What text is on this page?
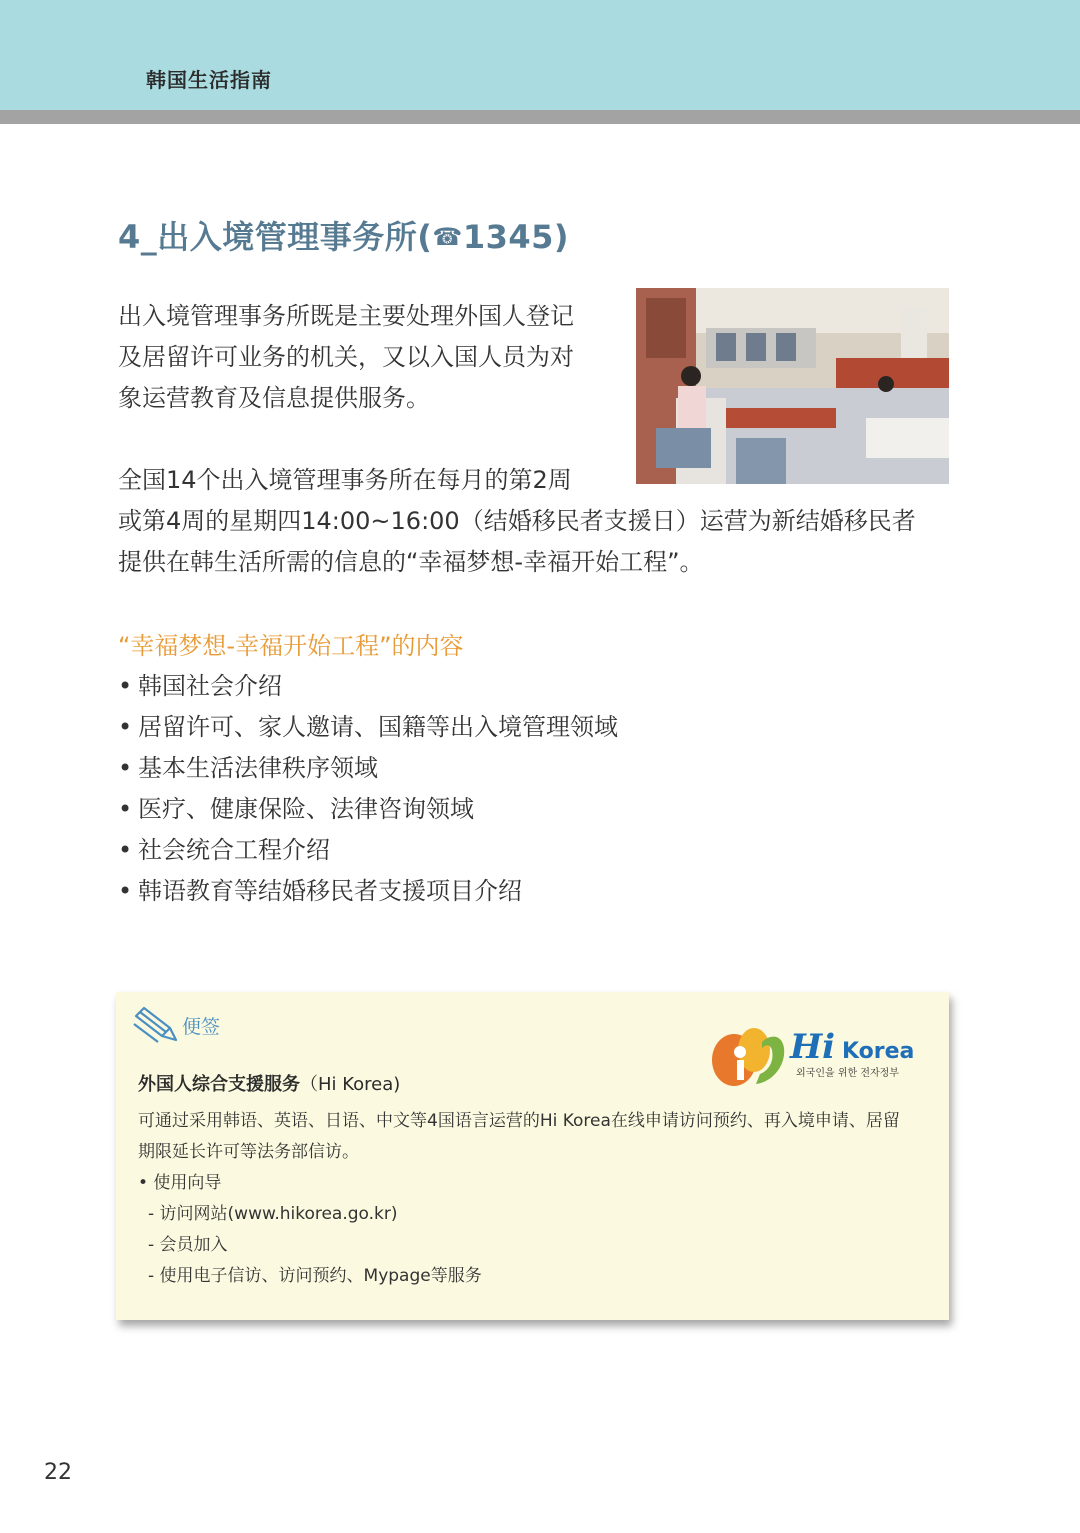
韩国生活指南
4_出入境管理事务所(☎1345)
出入境管理事务所既是主要处理外国人登记
及居留许可业务的机关，又以入国人员为对
象运营教育及信息提供服务。
全国14个出入境管理事务所在每月的第2周
或第4周的星期四14:00~16:00（结婚移民者支援日）运营为新结婚移民者
提供在韩生活所需的信息的“幸福梦想-幸福开始工程”。
“幸福梦想-幸福开始工程”的内容
• 韩国社会介绍
• 居留许可、家人邀请、国籍等出入境管理领域
• 基本生活法律秩序领域
• 医疗、健康保险、法律咨询领域
• 社会统合工程介绍
• 韩语教育等结婚移民者支援项目介绍
便签	Hi Korea
외국인을 위한 전자정부
外国人综合支援服务（Hi Korea)
可通过采用韩语、英语、日语、中文等4国语言运营的Hi Korea在线申请访问预约、再入境申请、居留
期限延长许可等法务部信访。
• 使用向导
- 访问网站(www.hikorea.go.kr)
- 会员加入
- 使用电子信访、访问预约、Mypage等服务
22
